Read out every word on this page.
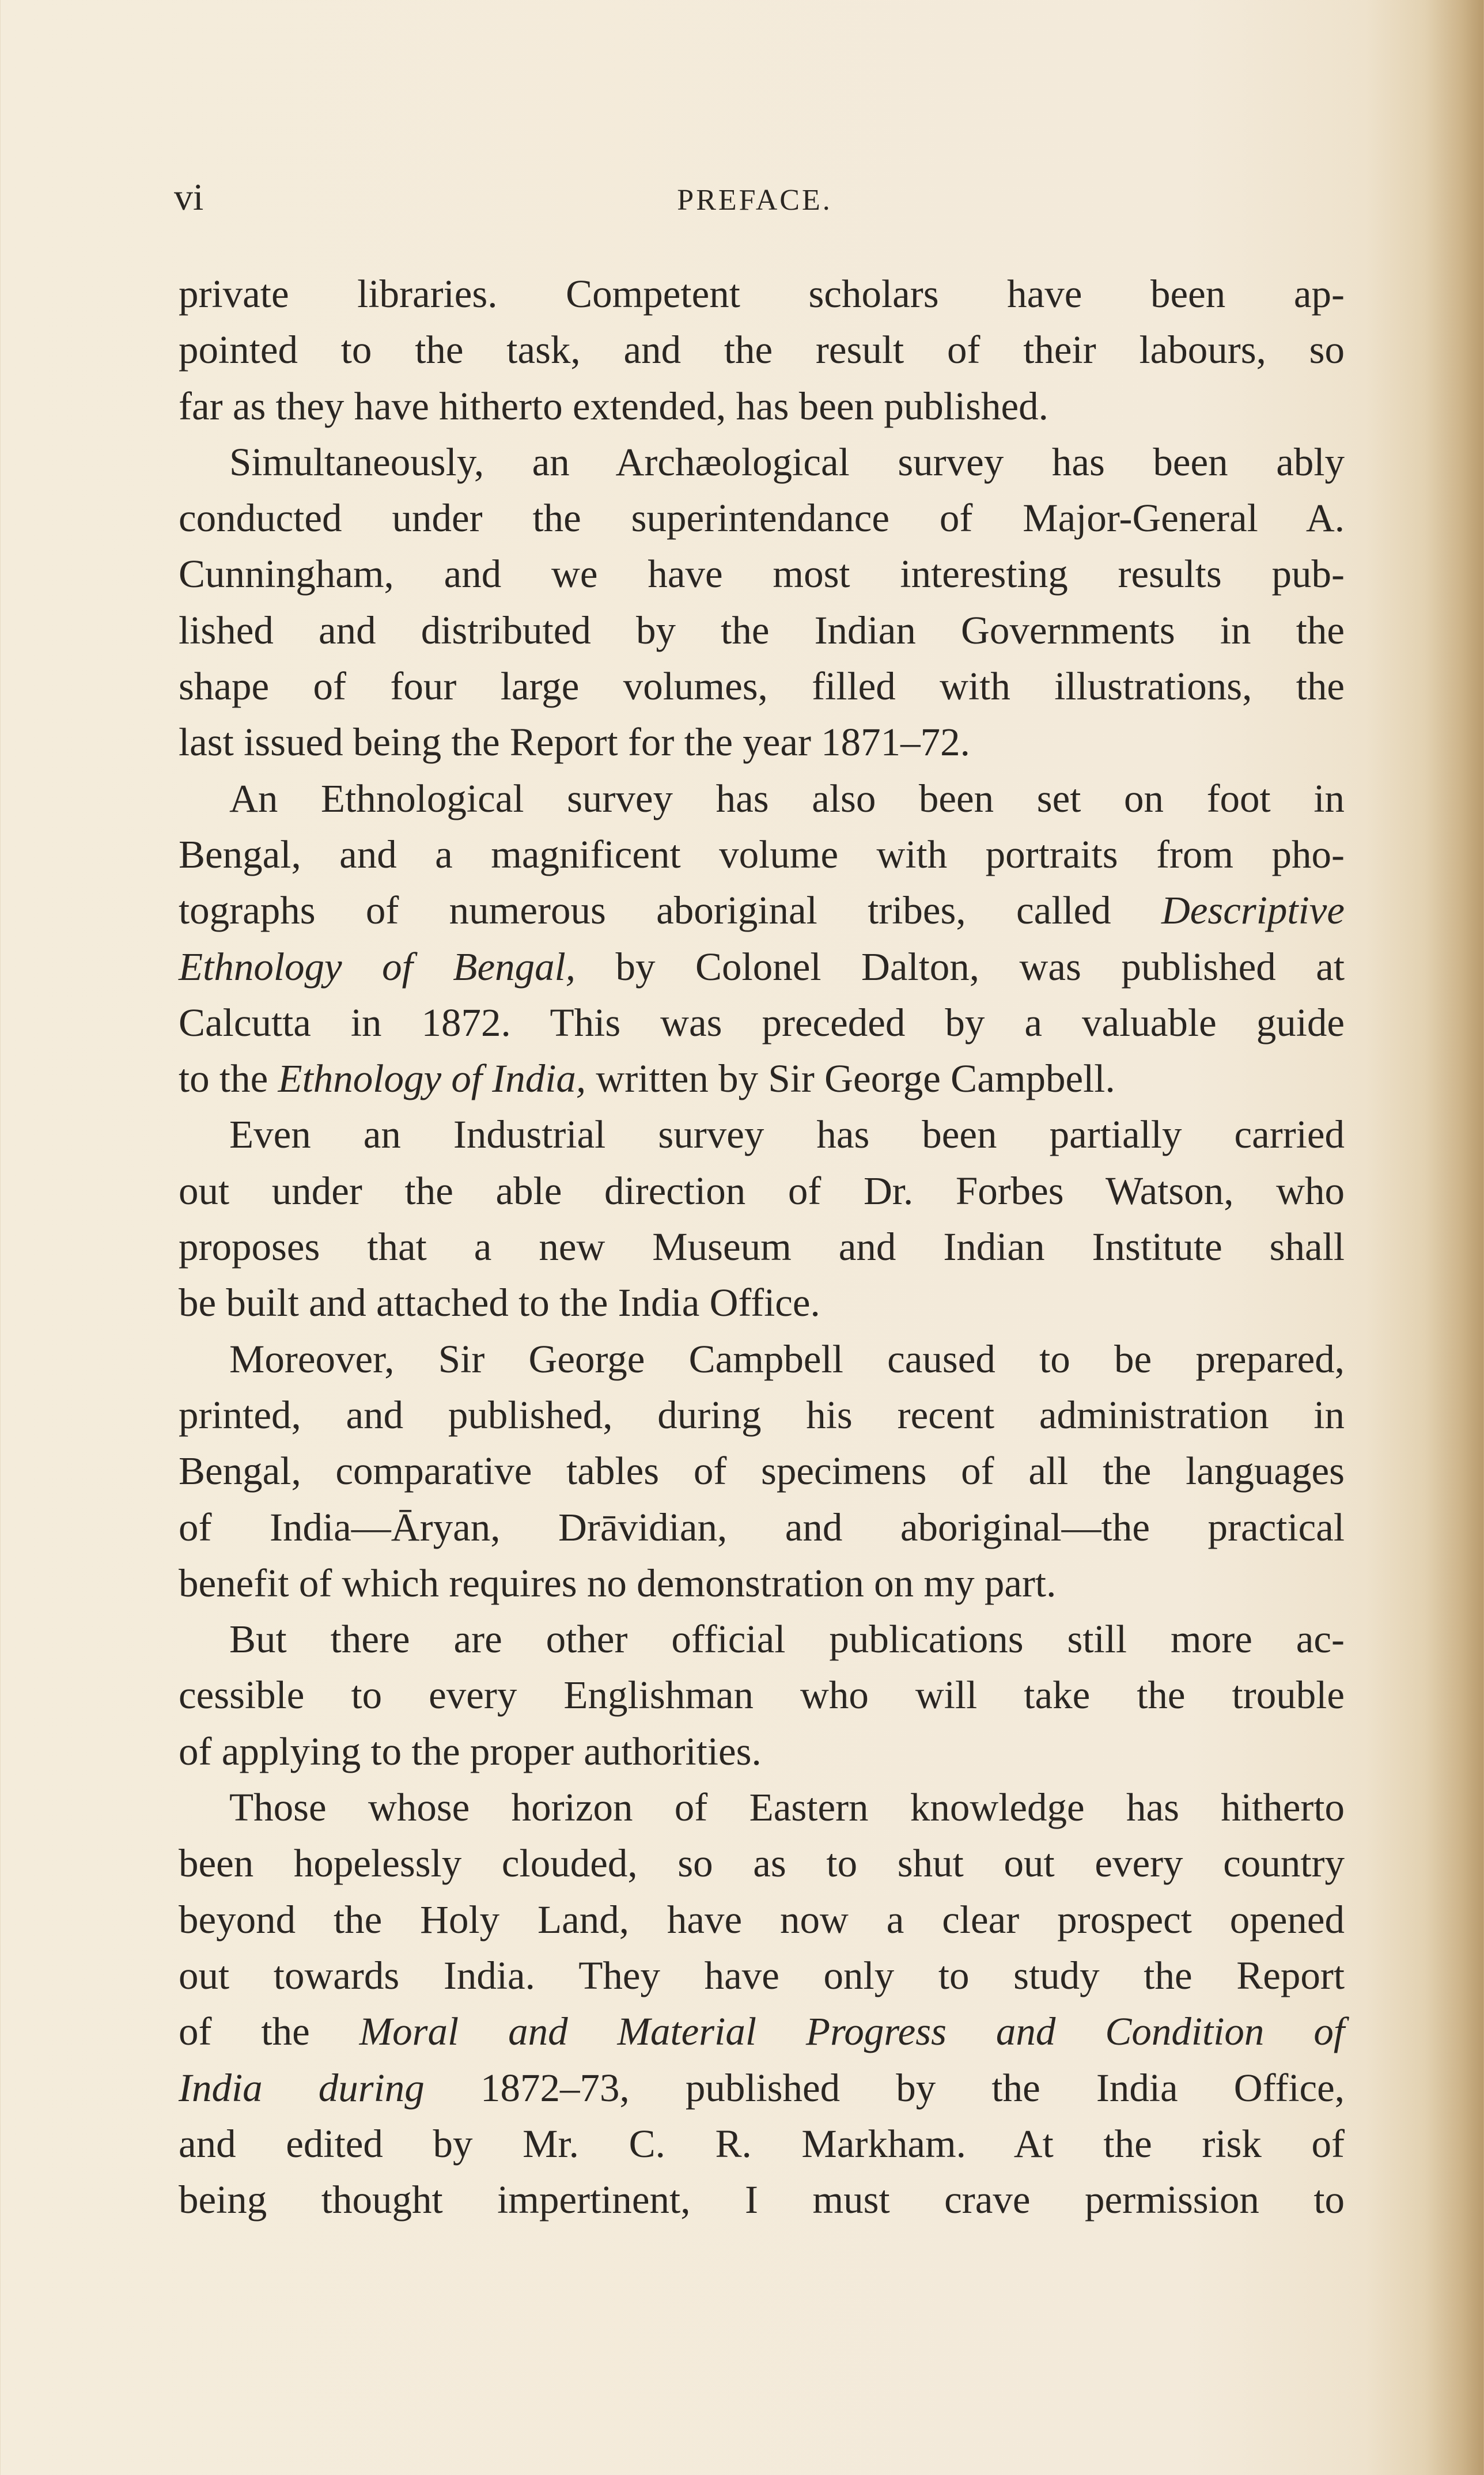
vi	PREFACE.
private libraries. Competent scholars have been ap-
pointed to the task, and the result of their labours, so
far as they have hitherto extended, has been published.
Simultaneously, an Archæological survey has been ably
conducted under the superintendance of Major-General A.
Cunningham, and we have most interesting results pub-
lished and distributed by the Indian Governments in the
shape of four large volumes, filled with illustrations, the
last issued being the Report for the year 1871–72.
An Ethnological survey has also been set on foot in
Bengal, and a magnificent volume with portraits from pho-
tographs of numerous aboriginal tribes, called Descriptive
Ethnology of Bengal, by Colonel Dalton, was published at
Calcutta in 1872. This was preceded by a valuable guide
to the Ethnology of India, written by Sir George Campbell.
Even an Industrial survey has been partially carried
out under the able direction of Dr. Forbes Watson, who
proposes that a new Museum and Indian Institute shall
be built and attached to the India Office.
Moreover, Sir George Campbell caused to be prepared,
printed, and published, during his recent administration in
Bengal, comparative tables of specimens of all the languages
of India—Āryan, Drāvidian, and aboriginal—the practical
benefit of which requires no demonstration on my part.
But there are other official publications still more ac-
cessible to every Englishman who will take the trouble
of applying to the proper authorities.
Those whose horizon of Eastern knowledge has hitherto
been hopelessly clouded, so as to shut out every country
beyond the Holy Land, have now a clear prospect opened
out towards India. They have only to study the Report
of the Moral and Material Progress and Condition of
India during 1872–73, published by the India Office,
and edited by Mr. C. R. Markham. At the risk of
being thought impertinent, I must crave permission to
